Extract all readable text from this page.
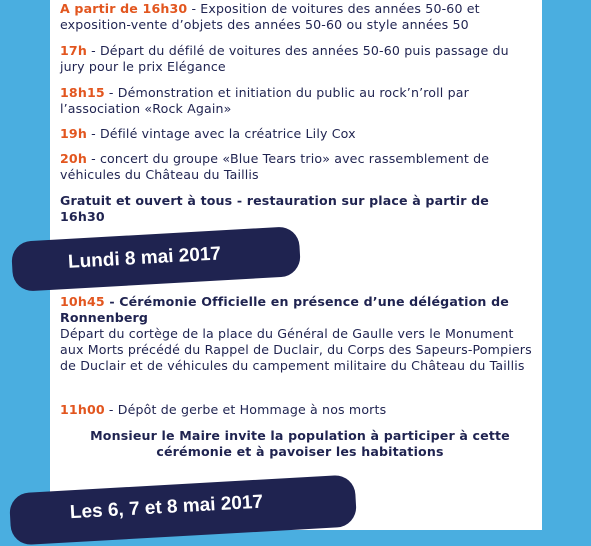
A partir de 16h30 - Exposition de voitures des années 50-60 et exposition-vente d’objets des années 50-60 ou style années 50
17h - Départ du défilé de voitures des années 50-60 puis passage du jury pour le prix Elégance
18h15 - Démonstration et initiation du public au rock’n’roll par l’association «Rock Again»
19h - Défilé vintage avec la créatrice Lily Cox
20h - concert du groupe «Blue Tears trio» avec rassemblement de véhicules du Château du Taillis
Gratuit et ouvert à tous - restauration sur place à partir de 16h30
Lundi 8 mai 2017
10h45 - Cérémonie Officielle en présence d’une délégation de Ronnenberg
Départ du cortège de la place du Général de Gaulle vers le Monument aux Morts précédé du Rappel de Duclair, du Corps des Sapeurs-Pompiers de Duclair et de véhicules du campement militaire du Château du Taillis
11h00 - Dépôt de gerbe et Hommage à nos morts
Monsieur le Maire invite la population à participer à cette cérémonie et à pavoiser les habitations
Les 6, 7 et 8 mai 2017
